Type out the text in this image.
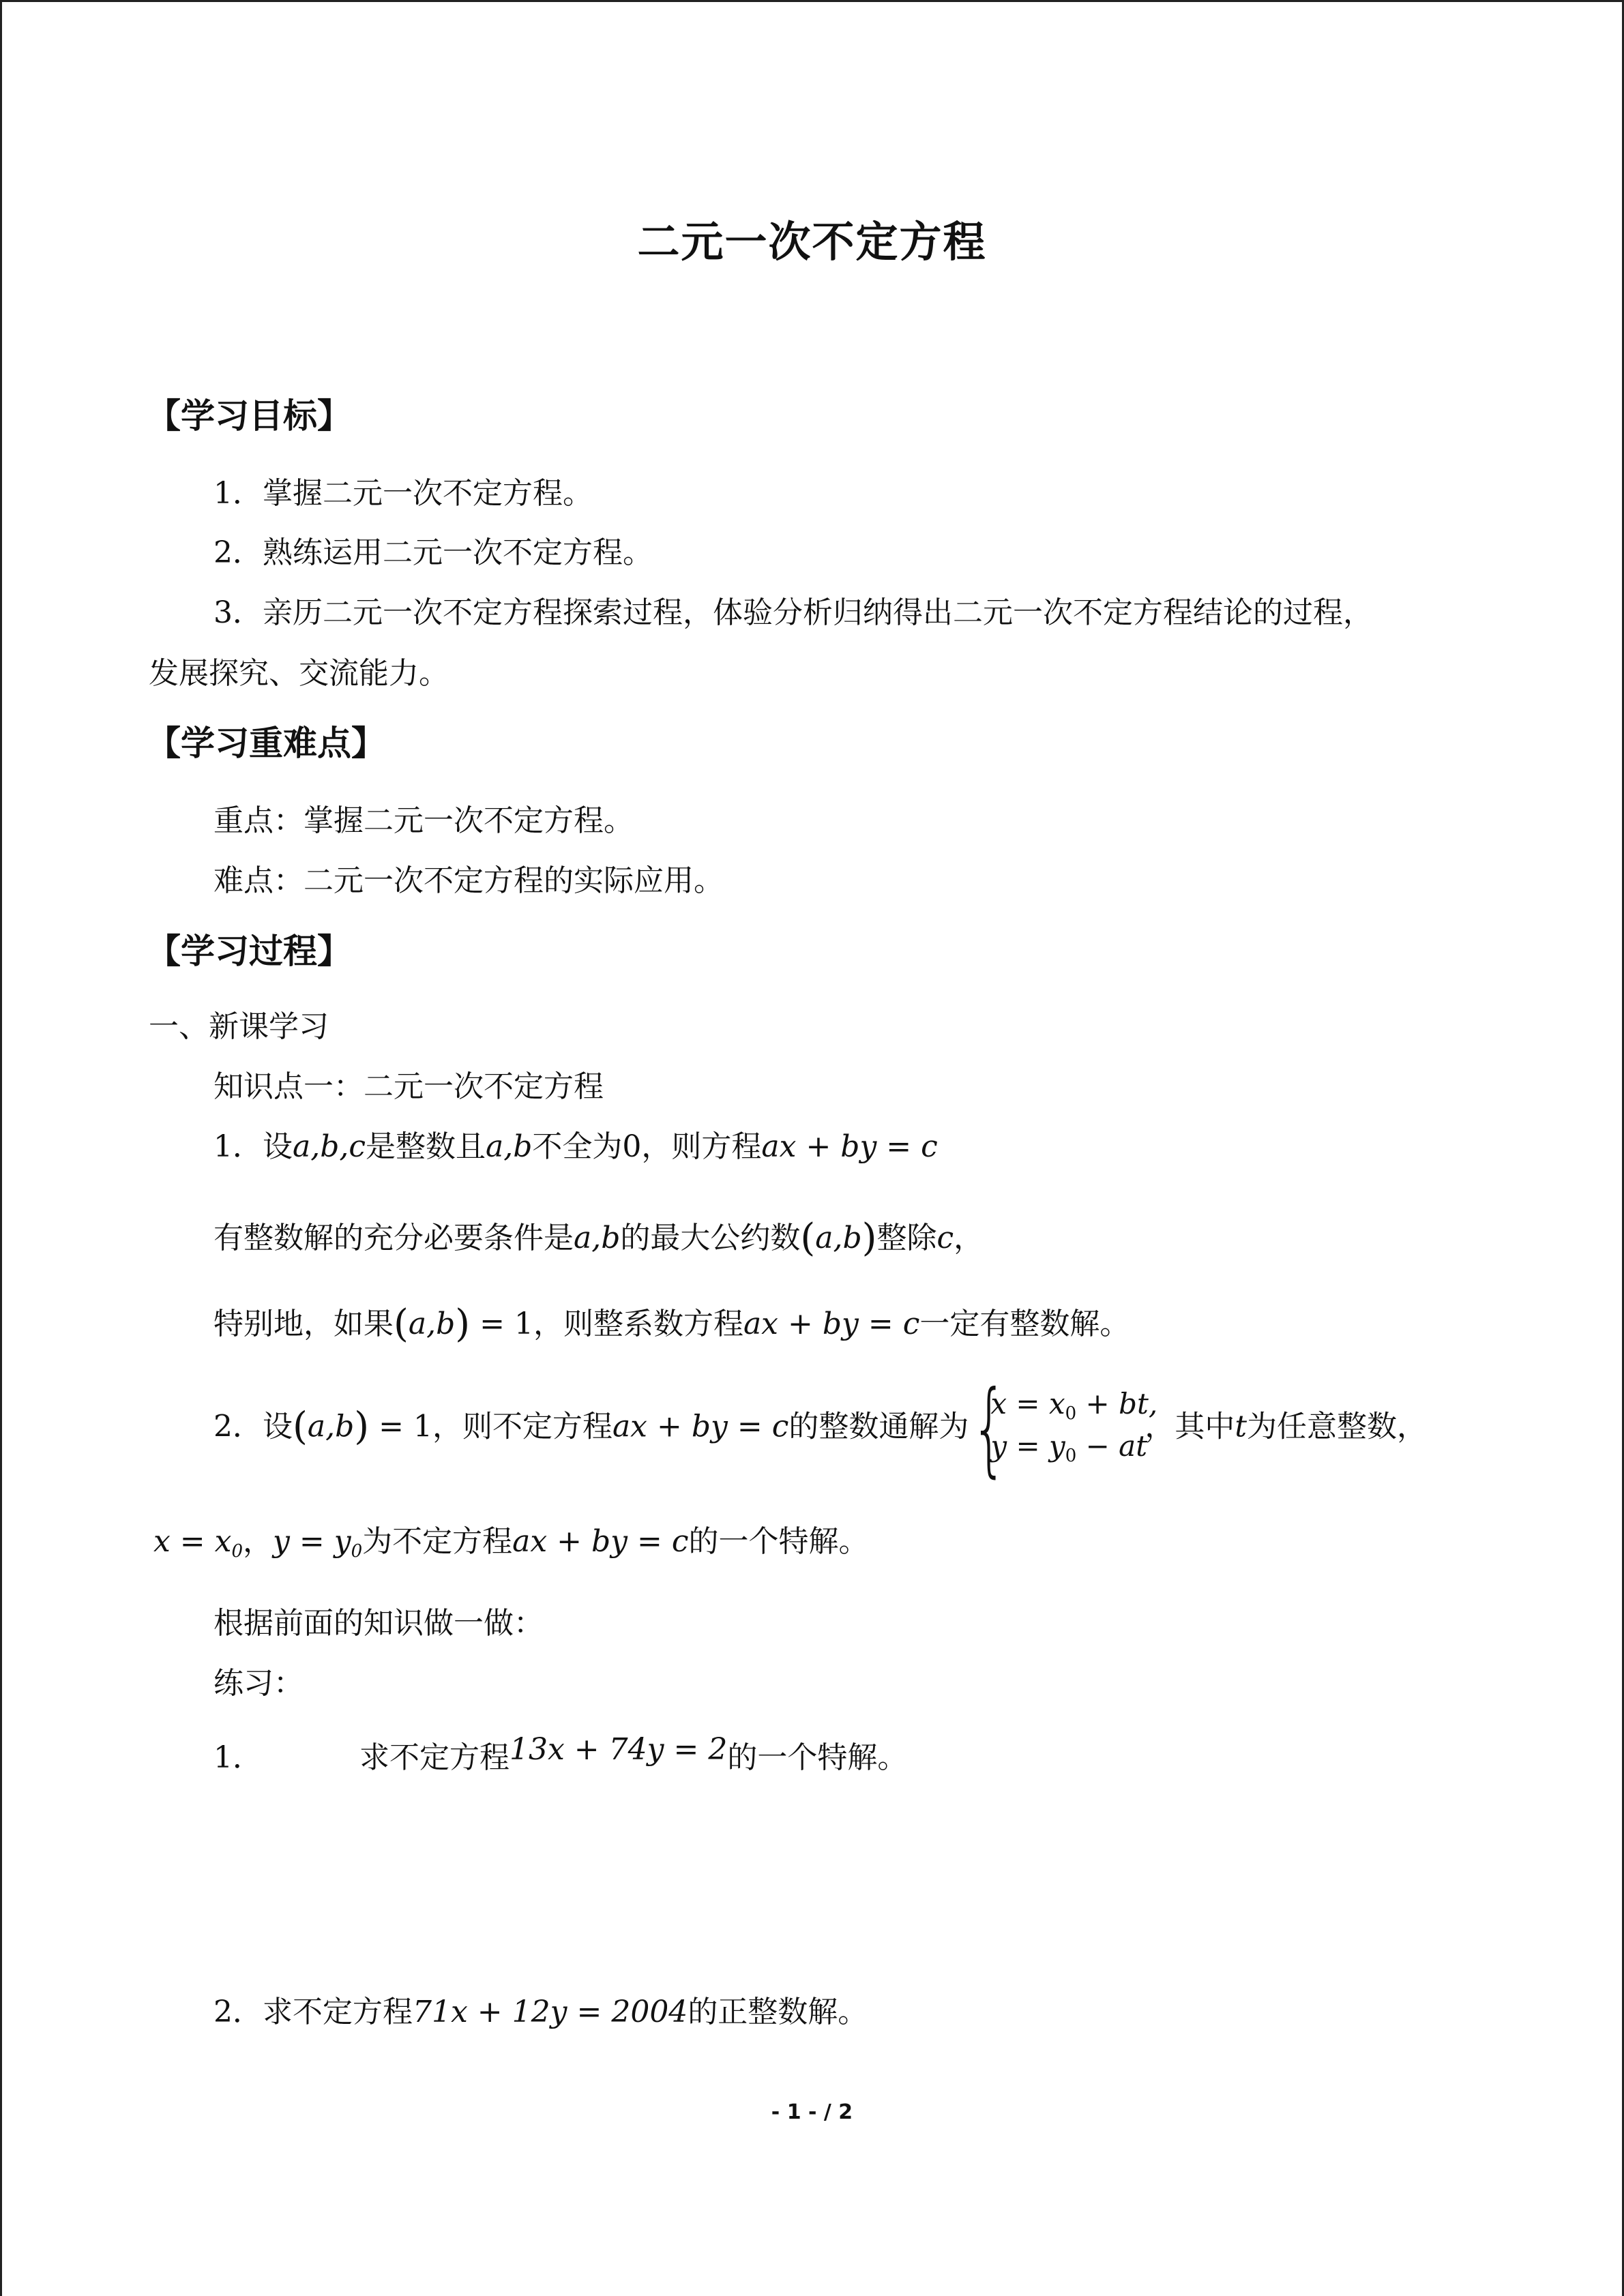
二元一次不定方程
【学习目标】
1．掌握二元一次不定方程。
2．熟练运用二元一次不定方程。
3．亲历二元一次不定方程探索过程，体验分析归纳得出二元一次不定方程结论的过程，
发展探究、交流能力。
【学习重难点】
重点：掌握二元一次不定方程。
难点：二元一次不定方程的实际应用。
【学习过程】
一、新课学习
知识点一：二元一次不定方程
1．设a,b,c是整数且a,b不全为0，则方程ax + by = c
有整数解的充分必要条件是a,b的最大公约数(a,b)整除c，
特别地，如果(a,b) = 1，则整系数方程ax + by = c一定有整数解。
2．设(a,b) = 1，则不定方程ax + by = c的整数通解为 {
$x = x_0$ + bt,
$y = y_0$ − at
，其中t为任意整数，
$x = x_0$，$y = y_0$为不定方程ax + by = c的一个特解。
根据前面的知识做一做：
练习：
1．	求不定方程13x + 74y = 2的一个特解。
2．求不定方程71x + 12y = 2004的正整数解。
- 1 - / 2
